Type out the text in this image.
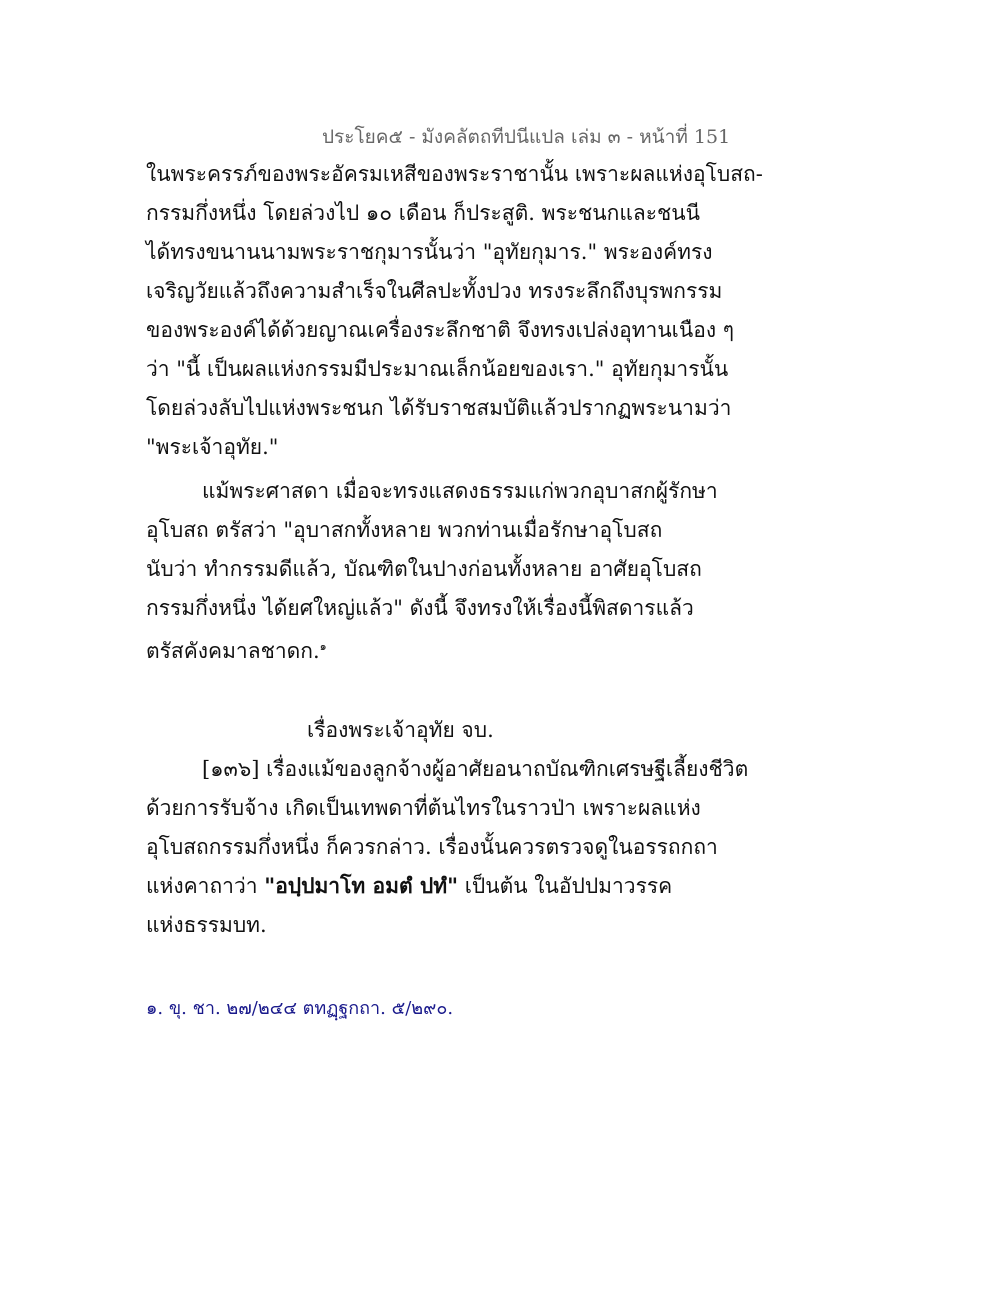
ประโยค๕ - มังคลัตถทีปนีแปล เล่ม ๓ - หน้าที่ 151
ในพระครรภ์ของพระอัครมเหสีของพระราชานั้น เพราะผลแห่งอุโบสถ-
กรรมกึ่งหนึ่ง โดยล่วงไป ๑๐ เดือน ก็ประสูติ. พระชนกและชนนี
ได้ทรงขนานนามพระราชกุมารนั้นว่า "อุทัยกุมาร." พระองค์ทรง
เจริญวัยแล้วถึงความสำเร็จในศีลปะทั้งปวง ทรงระลึกถึงบุรพกรรม
ของพระองค์ได้ด้วยญาณเครื่องระลึกชาติ จึงทรงเปล่งอุทานเนือง ๆ
ว่า "นี้ เป็นผลแห่งกรรมมีประมาณเล็กน้อยของเรา." อุทัยกุมารนั้น
โดยล่วงลับไปแห่งพระชนก ได้รับราชสมบัติแล้วปรากฏพระนามว่า
"พระเจ้าอุทัย."
แม้พระศาสดา เมื่อจะทรงแสดงธรรมแก่พวกอุบาสกผู้รักษา
อุโบสถ ตรัสว่า "อุบาสกทั้งหลาย พวกท่านเมื่อรักษาอุโบสถ
นับว่า ทำกรรมดีแล้ว, บัณฑิตในปางก่อนทั้งหลาย อาศัยอุโบสถ
กรรมกึ่งหนึ่ง ได้ยศใหญ่แล้ว" ดังนี้ จึงทรงให้เรื่องนี้พิสดารแล้ว
ตรัสคังคมาลชาดก.$^๑$
เรื่องพระเจ้าอุทัย จบ.
[๑๓๖] เรื่องแม้ของลูกจ้างผู้อาศัยอนาถบัณฑิกเศรษฐีเลี้ยงชีวิต
ด้วยการรับจ้าง เกิดเป็นเทพดาที่ต้นไทรในราวป่า เพราะผลแห่ง
อุโบสถกรรมกึ่งหนึ่ง ก็ควรกล่าว. เรื่องนั้นควรตรวจดูในอรรถกถา
แห่งคาถาว่า "อปฺปมาโท อมตํ ปทํ" เป็นต้น ในอัปปมาวรรค
แห่งธรรมบท.
๑. ขุ. ชา. ๒๗/๒๔๔ ตทฏฺฐกถา. ๕/๒๙๐.
